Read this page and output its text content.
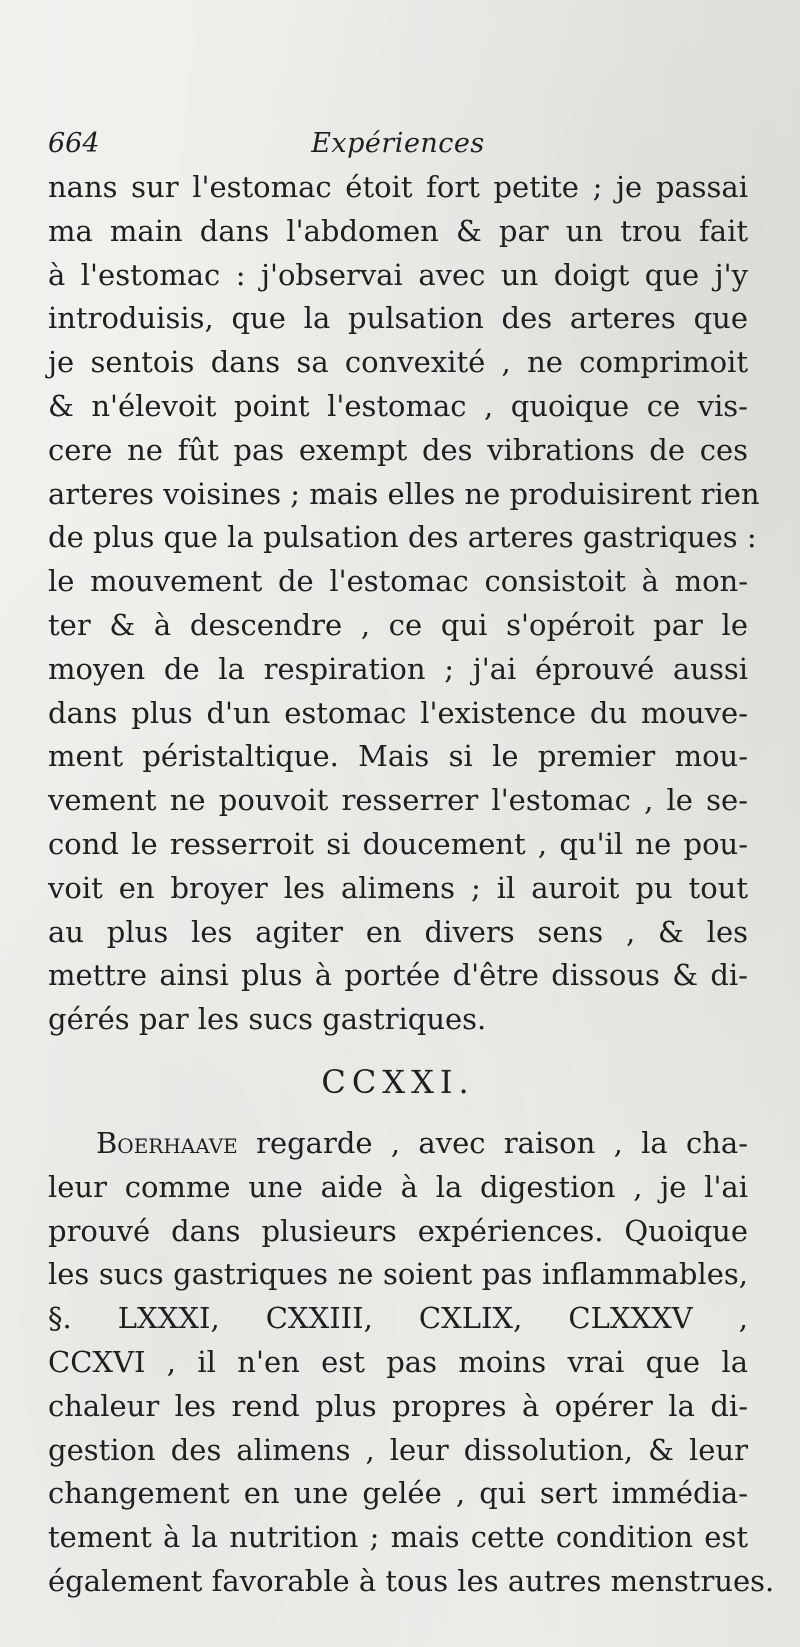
664	Expériences
nans sur l'estomac étoit fort petite ; je passai
ma main dans l'abdomen & par un trou fait
à l'estomac : j'observai avec un doigt que j'y
introduisis, que la pulsation des arteres que
je sentois dans sa convexité , ne comprimoit
& n'élevoit point l'estomac , quoique ce vis-
cere ne fût pas exempt des vibrations de ces
arteres voisines ; mais elles ne produisirent rien
de plus que la pulsation des arteres gastriques :
le mouvement de l'estomac consistoit à mon-
ter & à descendre , ce qui s'opéroit par le
moyen de la respiration ; j'ai éprouvé aussi
dans plus d'un estomac l'existence du mouve-
ment péristaltique. Mais si le premier mou-
vement ne pouvoit resserrer l'estomac , le se-
cond le resserroit si doucement , qu'il ne pou-
voit en broyer les alimens ; il auroit pu tout
au plus les agiter en divers sens , & les
mettre ainsi plus à portée d'être dissous & di-
gérés par les sucs gastriques.
CCXXI.
Boerhaave regarde , avec raison , la cha-
leur comme une aide à la digestion , je l'ai
prouvé dans plusieurs expériences. Quoique
les sucs gastriques ne soient pas inflammables,
§. LXXXI, CXXIII, CXLIX, CLXXXV ,
CCXVI , il n'en est pas moins vrai que la
chaleur les rend plus propres à opérer la di-
gestion des alimens , leur dissolution, & leur
changement en une gelée , qui sert immédia-
tement à la nutrition ; mais cette condition est
également favorable à tous les autres menstrues.
